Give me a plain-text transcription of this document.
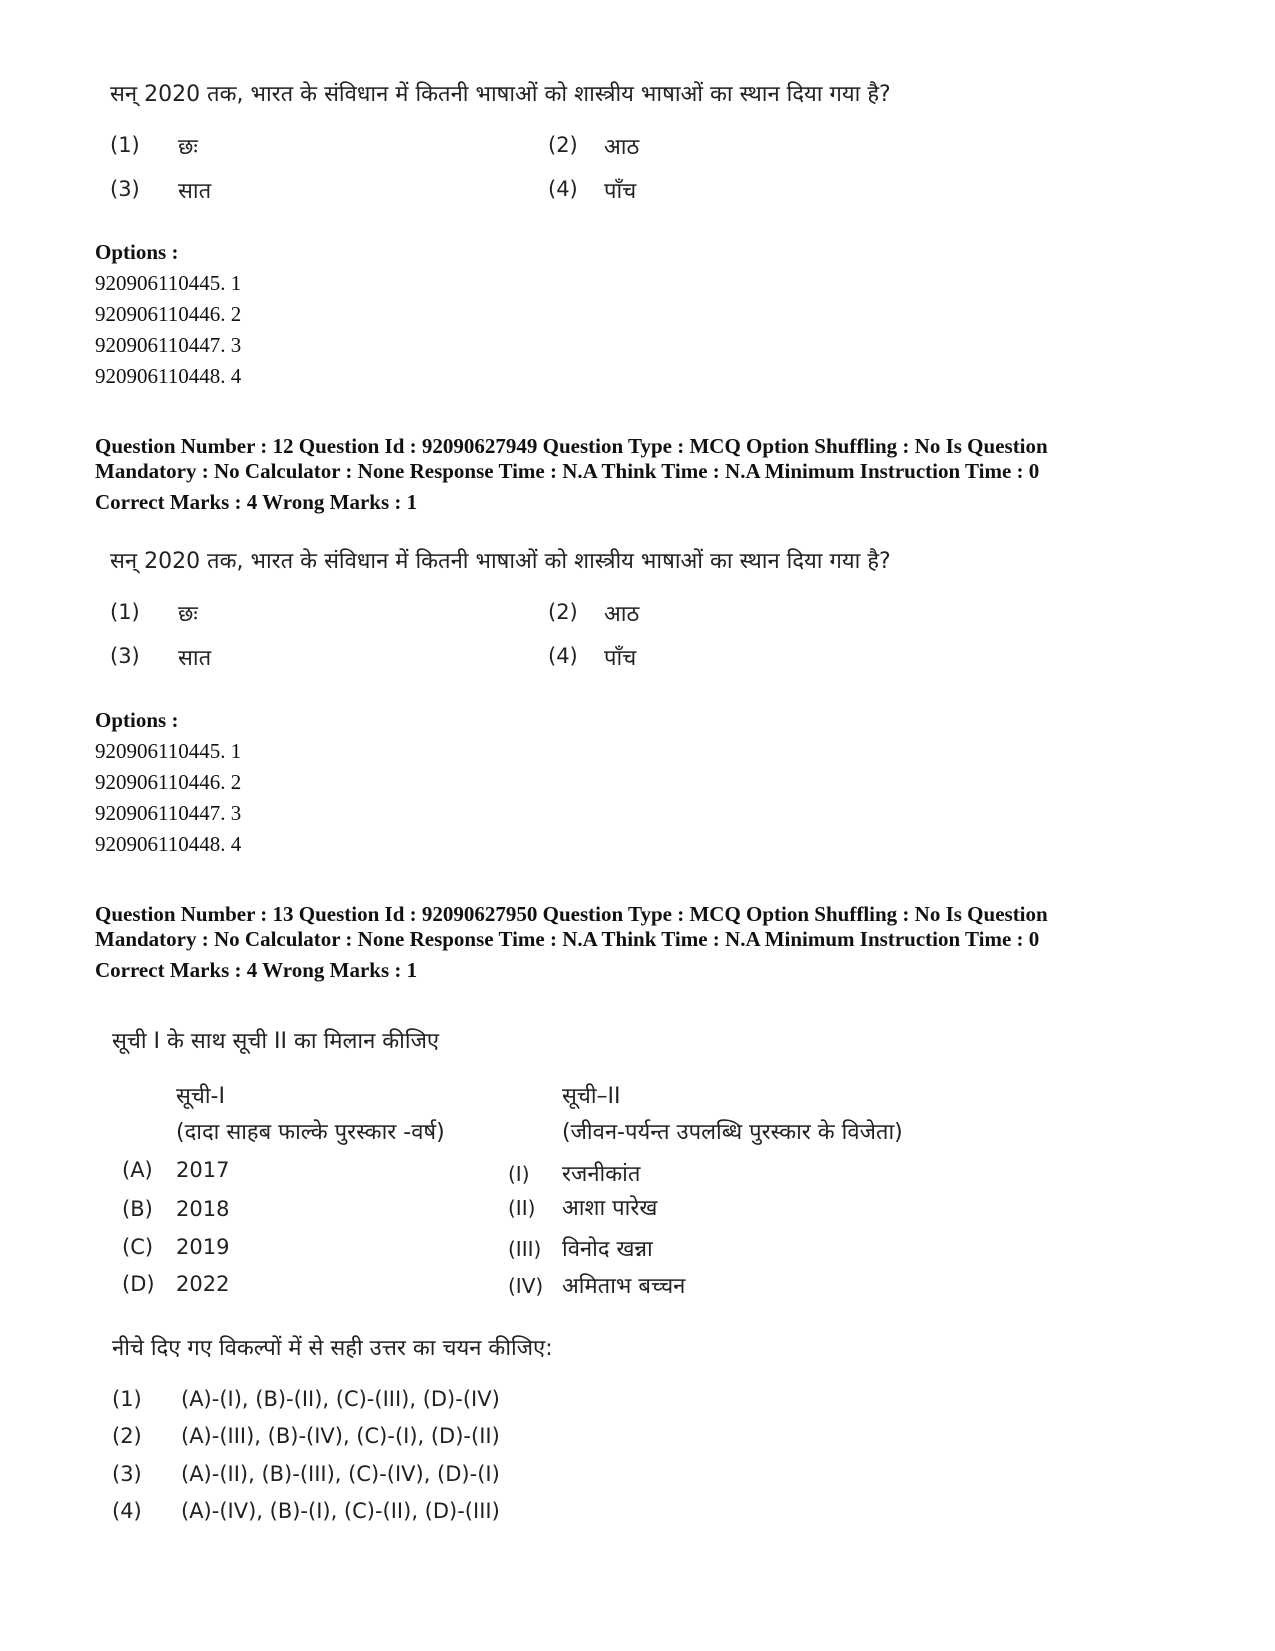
सन् 2020 तक, भारत के संविधान में कितनी भाषाओं को शास्त्रीय भाषाओं का स्थान दिया गया है?
(1) छः	(2) आठ
(3) सात	(4) पाँच
Options :
920906110445. 1
920906110446. 2
920906110447. 3
920906110448. 4
Question Number : 12 Question Id : 92090627949 Question Type : MCQ Option Shuffling : No Is Question
Mandatory : No Calculator : None Response Time : N.A Think Time : N.A Minimum Instruction Time : 0
Correct Marks : 4 Wrong Marks : 1
सन् 2020 तक, भारत के संविधान में कितनी भाषाओं को शास्त्रीय भाषाओं का स्थान दिया गया है?
(1) छः	(2) आठ
(3) सात	(4) पाँच
Options :
920906110445. 1
920906110446. 2
920906110447. 3
920906110448. 4
Question Number : 13 Question Id : 92090627950 Question Type : MCQ Option Shuffling : No Is Question
Mandatory : No Calculator : None Response Time : N.A Think Time : N.A Minimum Instruction Time : 0
Correct Marks : 4 Wrong Marks : 1
सूची I के साथ सूची II का मिलान कीजिए
सूची-I
(दादा साहब फाल्के पुरस्कार -वर्ष)
सूची–II
(जीवन-पर्यन्त उपलब्धि पुरस्कार के विजेता)
(A) 2017	(I) रजनीकांत
(B) 2018	(II) आशा पारेख
(C) 2019	(III) विनोद खन्ना
(D) 2022	(IV) अमिताभ बच्चन
नीचे दिए गए विकल्पों में से सही उत्तर का चयन कीजिए:
(1) (A)-(I), (B)-(II), (C)-(III), (D)-(IV)
(2) (A)-(III), (B)-(IV), (C)-(I), (D)-(II)
(3) (A)-(II), (B)-(III), (C)-(IV), (D)-(I)
(4) (A)-(IV), (B)-(I), (C)-(II), (D)-(III)
